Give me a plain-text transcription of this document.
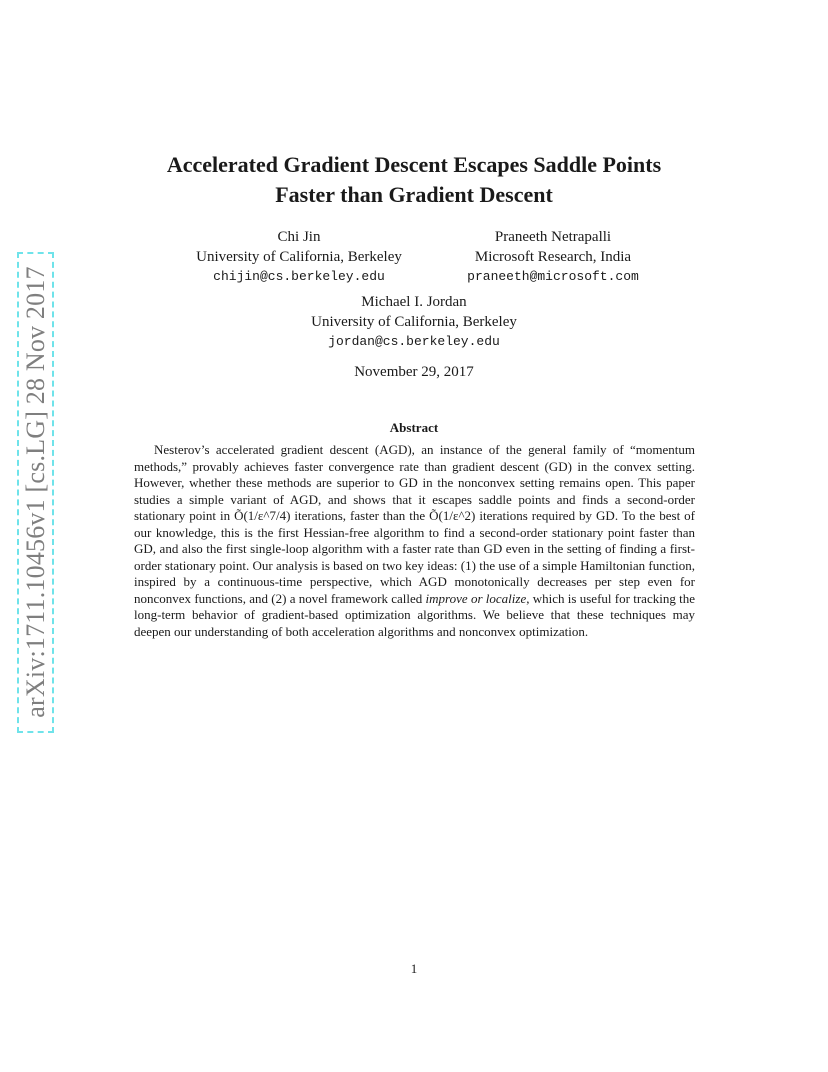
arXiv:1711.10456v1 [cs.LG] 28 Nov 2017
Accelerated Gradient Descent Escapes Saddle Points
Faster than Gradient Descent
Chi Jin
University of California, Berkeley
chijin@cs.berkeley.edu
Praneeth Netrapalli
Microsoft Research, India
praneeth@microsoft.com
Michael I. Jordan
University of California, Berkeley
jordan@cs.berkeley.edu
November 29, 2017
Abstract
Nesterov’s accelerated gradient descent (AGD), an instance of the general family of “momentum methods,” provably achieves faster convergence rate than gradient descent (GD) in the convex setting. However, whether these methods are superior to GD in the nonconvex setting remains open. This paper studies a simple variant of AGD, and shows that it escapes saddle points and finds a second-order stationary point in Õ(1/ε^7/4) iterations, faster than the Õ(1/ε^2) iterations required by GD. To the best of our knowledge, this is the first Hessian-free algorithm to find a second-order stationary point faster than GD, and also the first single-loop algorithm with a faster rate than GD even in the setting of finding a first-order stationary point. Our analysis is based on two key ideas: (1) the use of a simple Hamiltonian function, inspired by a continuous-time perspective, which AGD monotonically decreases per step even for nonconvex functions, and (2) a novel framework called improve or localize, which is useful for tracking the long-term behavior of gradient-based optimization algorithms. We believe that these techniques may deepen our understanding of both acceleration algorithms and nonconvex optimization.
1
